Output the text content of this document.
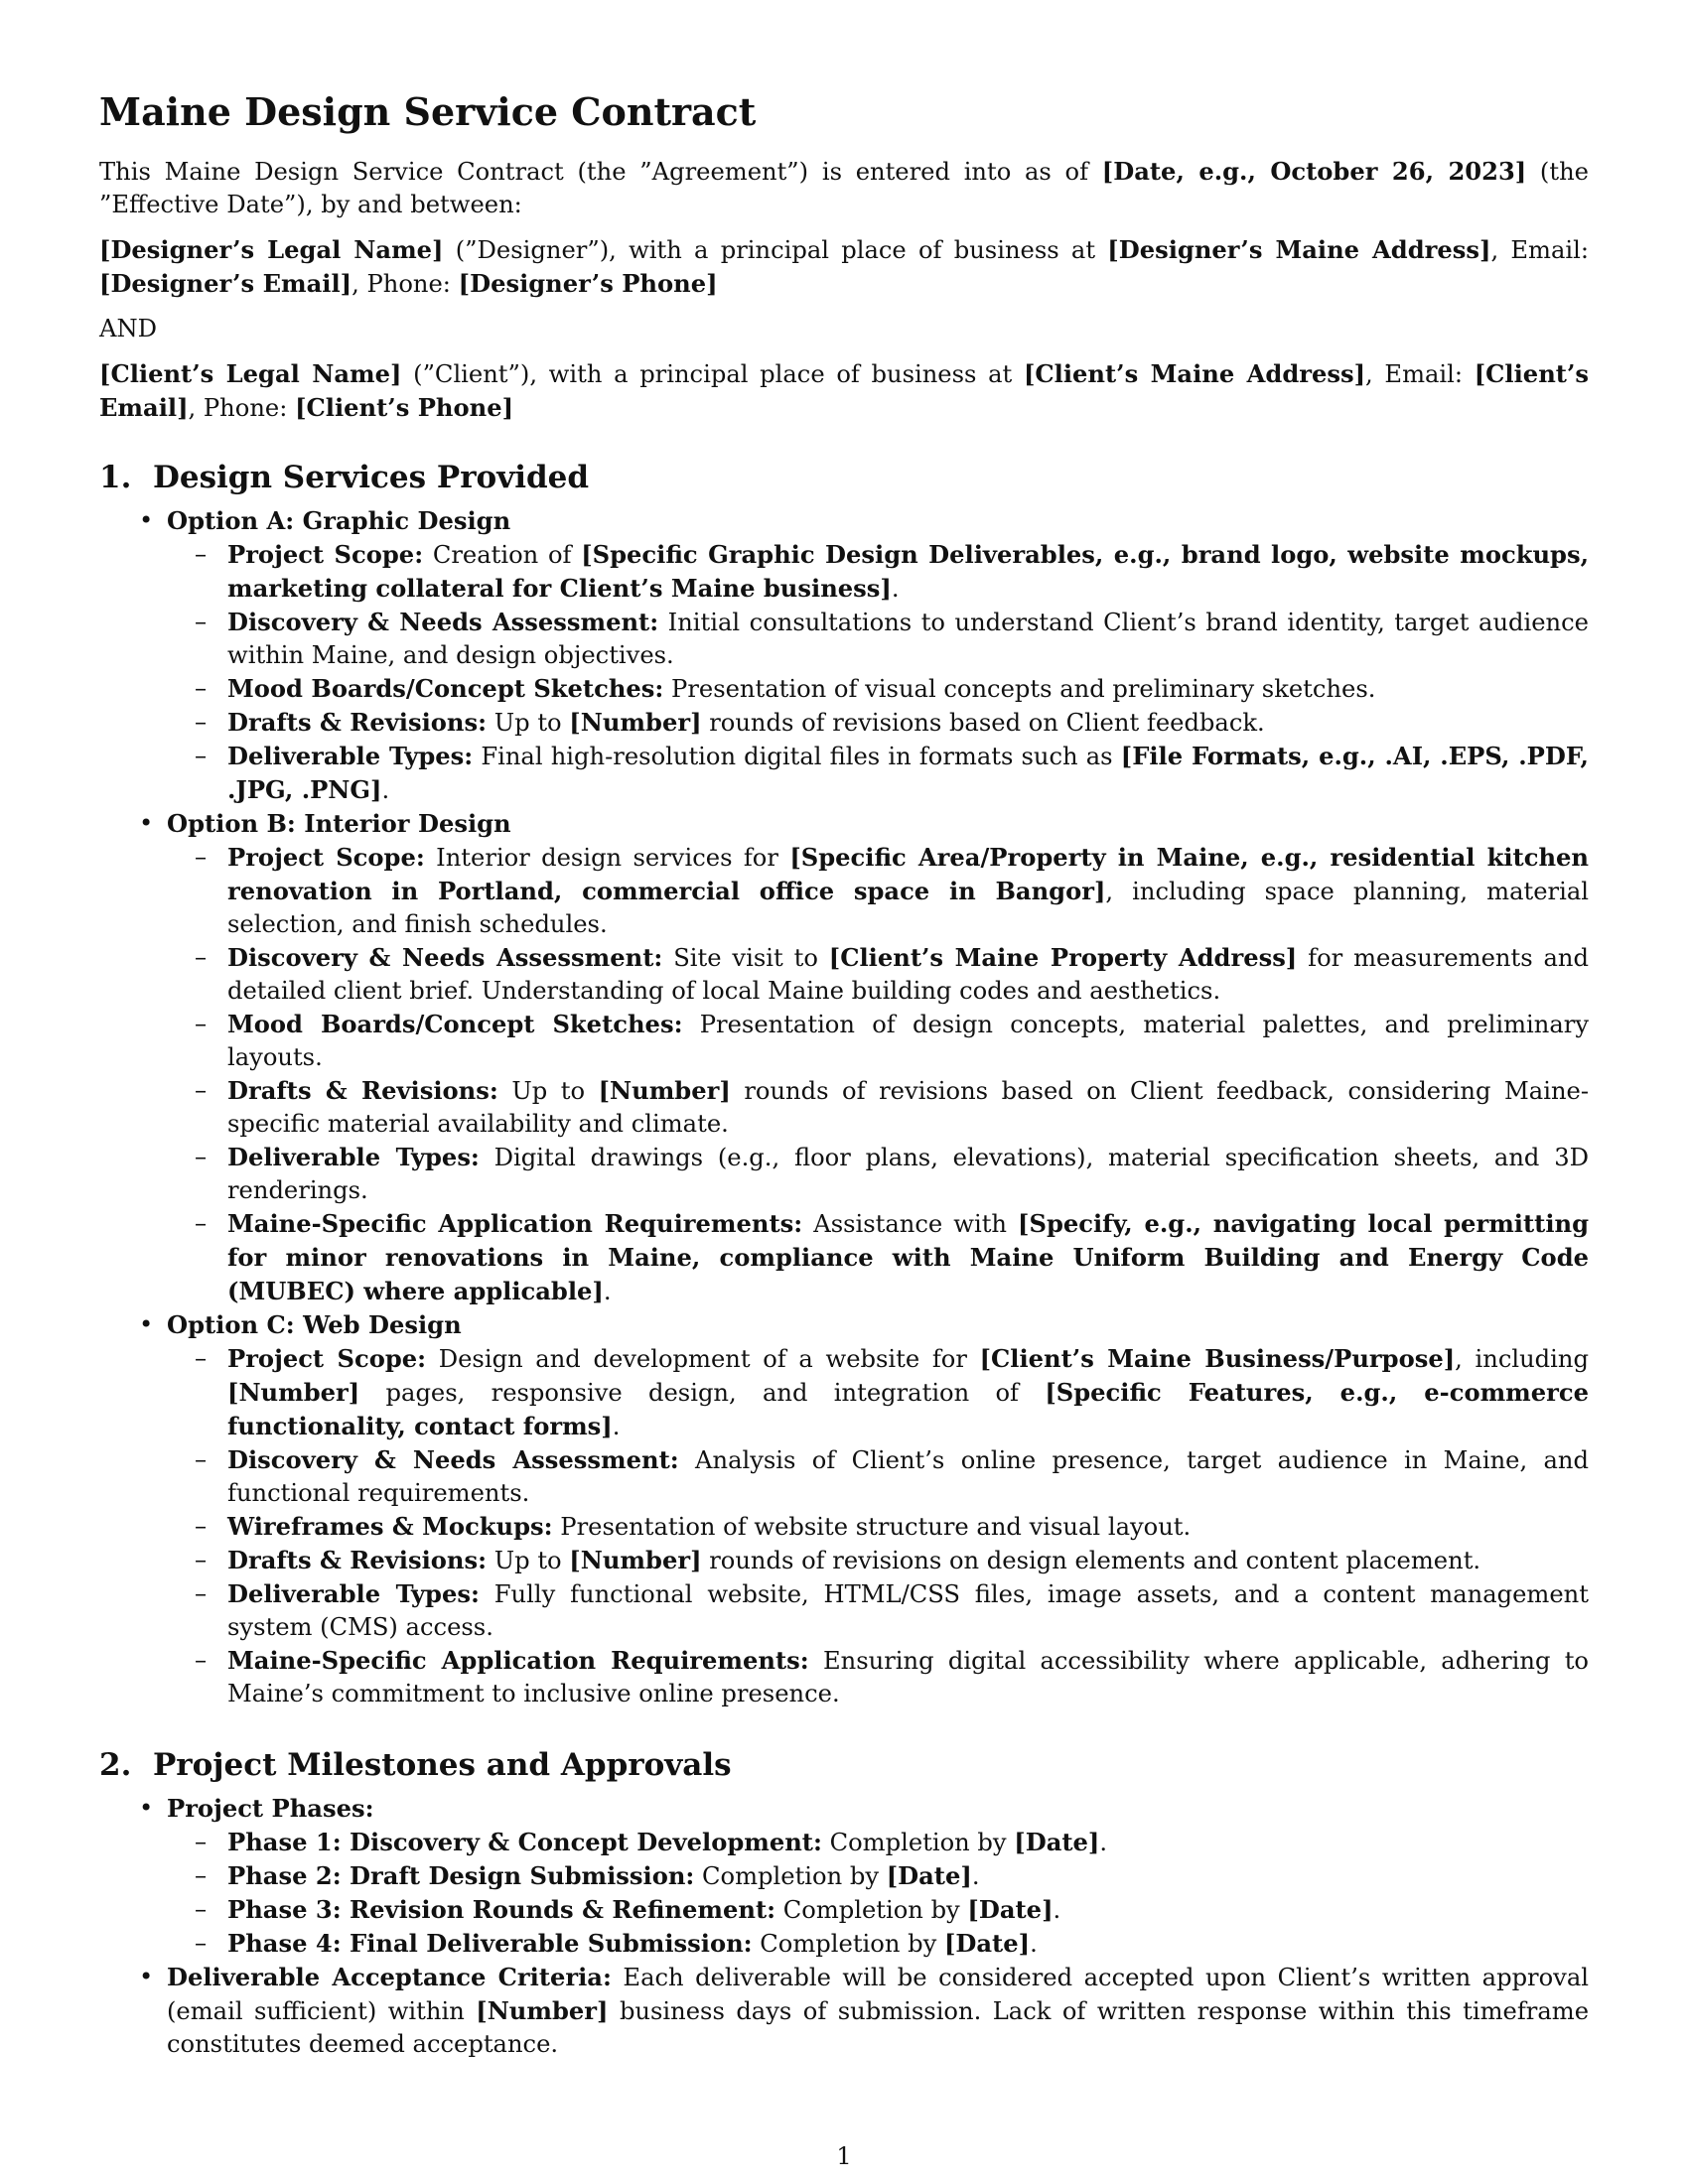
Maine Design Service Contract

This Maine Design Service Contract (the ”Agreement”) is entered into as of [Date, e.g., October 26, 2023] (the ”Effective Date”), by and between:

[Designer’s Legal Name] (”Designer”), with a principal place of business at [Designer’s Maine Address], Email: [Designer’s Email], Phone: [Designer’s Phone]

AND

[Client’s Legal Name] (”Client”), with a principal place of business at [Client’s Maine Address], Email: [Client’s Email], Phone: [Client’s Phone]

1. Design Services Provided
• Option A: Graphic Design
– Project Scope: Creation of [Specific Graphic Design Deliverables, e.g., brand logo, website mockups, marketing collateral for Client’s Maine business].
– Discovery & Needs Assessment: Initial consultations to understand Client’s brand identity, target audience within Maine, and design objectives.
– Mood Boards/Concept Sketches: Presentation of visual concepts and preliminary sketches.
– Drafts & Revisions: Up to [Number] rounds of revisions based on Client feedback.
– Deliverable Types: Final high-resolution digital files in formats such as [File Formats, e.g., .AI, .EPS, .PDF, .JPG, .PNG].
• Option B: Interior Design
– Project Scope: Interior design services for [Specific Area/Property in Maine, e.g., residential kitchen renovation in Portland, commercial office space in Bangor], including space planning, material selection, and finish schedules.
– Discovery & Needs Assessment: Site visit to [Client’s Maine Property Address] for measurements and detailed client brief. Understanding of local Maine building codes and aesthetics.
– Mood Boards/Concept Sketches: Presentation of design concepts, material palettes, and preliminary layouts.
– Drafts & Revisions: Up to [Number] rounds of revisions based on Client feedback, considering Maine-specific material availability and climate.
– Deliverable Types: Digital drawings (e.g., floor plans, elevations), material specification sheets, and 3D renderings.
– Maine-Specific Application Requirements: Assistance with [Specify, e.g., navigating local permitting for minor renovations in Maine, compliance with Maine Uniform Building and Energy Code (MUBEC) where applicable].
• Option C: Web Design
– Project Scope: Design and development of a website for [Client’s Maine Business/Purpose], including [Number] pages, responsive design, and integration of [Specific Features, e.g., e-commerce functionality, contact forms].
– Discovery & Needs Assessment: Analysis of Client’s online presence, target audience in Maine, and functional requirements.
– Wireframes & Mockups: Presentation of website structure and visual layout.
– Drafts & Revisions: Up to [Number] rounds of revisions on design elements and content placement.
– Deliverable Types: Fully functional website, HTML/CSS files, image assets, and a content management system (CMS) access.
– Maine-Specific Application Requirements: Ensuring digital accessibility where applicable, adhering to Maine’s commitment to inclusive online presence.
2. Project Milestones and Approvals
• Project Phases:
– Phase 1: Discovery & Concept Development: Completion by [Date].
– Phase 2: Draft Design Submission: Completion by [Date].
– Phase 3: Revision Rounds & Refinement: Completion by [Date].
– Phase 4: Final Deliverable Submission: Completion by [Date].
• Deliverable Acceptance Criteria: Each deliverable will be considered accepted upon Client’s written approval (email sufficient) within [Number] business days of submission. Lack of written response within this timeframe constitutes deemed acceptance.
1
